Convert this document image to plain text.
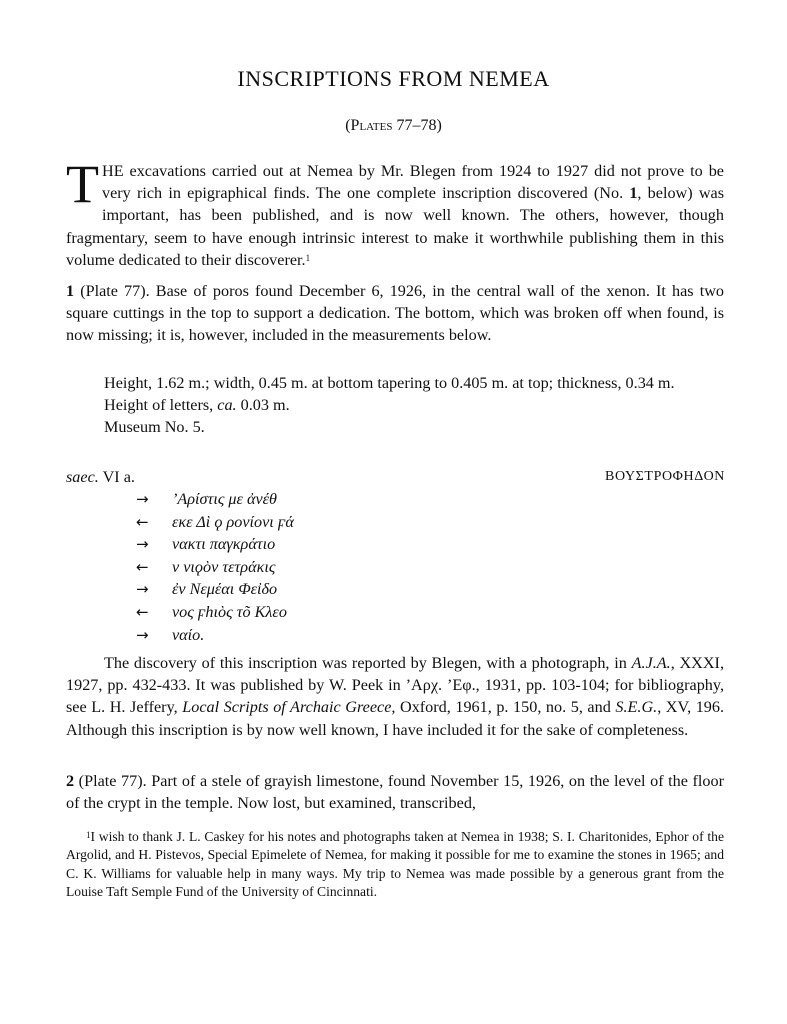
INSCRIPTIONS FROM NEMEA
(Plates 77–78)

THE excavations carried out at Nemea by Mr. Blegen from 1924 to 1927 did not prove to be very rich in epigraphical finds. The one complete inscription discovered (No. 1, below) was important, has been published, and is now well known. The others, however, though fragmentary, seem to have enough intrinsic interest to make it worthwhile publishing them in this volume dedicated to their discoverer.$^1$

1 (Plate 77). Base of poros found December 6, 1926, in the central wall of the xenon. It has two square cuttings in the top to support a dedication. The bottom, which was broken off when found, is now missing; it is, however, included in the measurements below.

Height, 1.62 m.; width, 0.45 m. at bottom tapering to 0.405 m. at top; thickness, 0.34 m.
Height of letters, ca. 0.03 m.
Museum No. 5.
saec. VI a.	ΒΟΥΣΤΡΟΦΗΔΟΝ
→ ʼΑρίστις με ἀνέθ
← εκε Δὶ ϙ ρονίονι ϝά
→ νακτι παγκράτιο
← ν νιϙὸν τετράκις
→ ἐν Νεμέαι Φεἰδο
← νος ϝhιὸς τõ Κλεο
→ ναίο.

The discovery of this inscription was reported by Blegen, with a photograph, in A.J.A., XXXI, 1927, pp. 432-433. It was published by W. Peek in ʼΑρχ. ʼΕφ., 1931, pp. 103-104; for bibliography, see L. H. Jeffery, Local Scripts of Archaic Greece, Oxford, 1961, p. 150, no. 5, and S.E.G., XV, 196. Although this inscription is by now well known, I have included it for the sake of completeness.

2 (Plate 77). Part of a stele of grayish limestone, found November 15, 1926, on the level of the floor of the crypt in the temple. Now lost, but examined, transcribed,

$^1$I wish to thank J. L. Caskey for his notes and photographs taken at Nemea in 1938; S. I. Charitonides, Ephor of the Argolid, and H. Pistevos, Special Epimelete of Nemea, for making it possible for me to examine the stones in 1965; and C. K. Williams for valuable help in many ways. My trip to Nemea was made possible by a generous grant from the Louise Taft Semple Fund of the University of Cincinnati.
